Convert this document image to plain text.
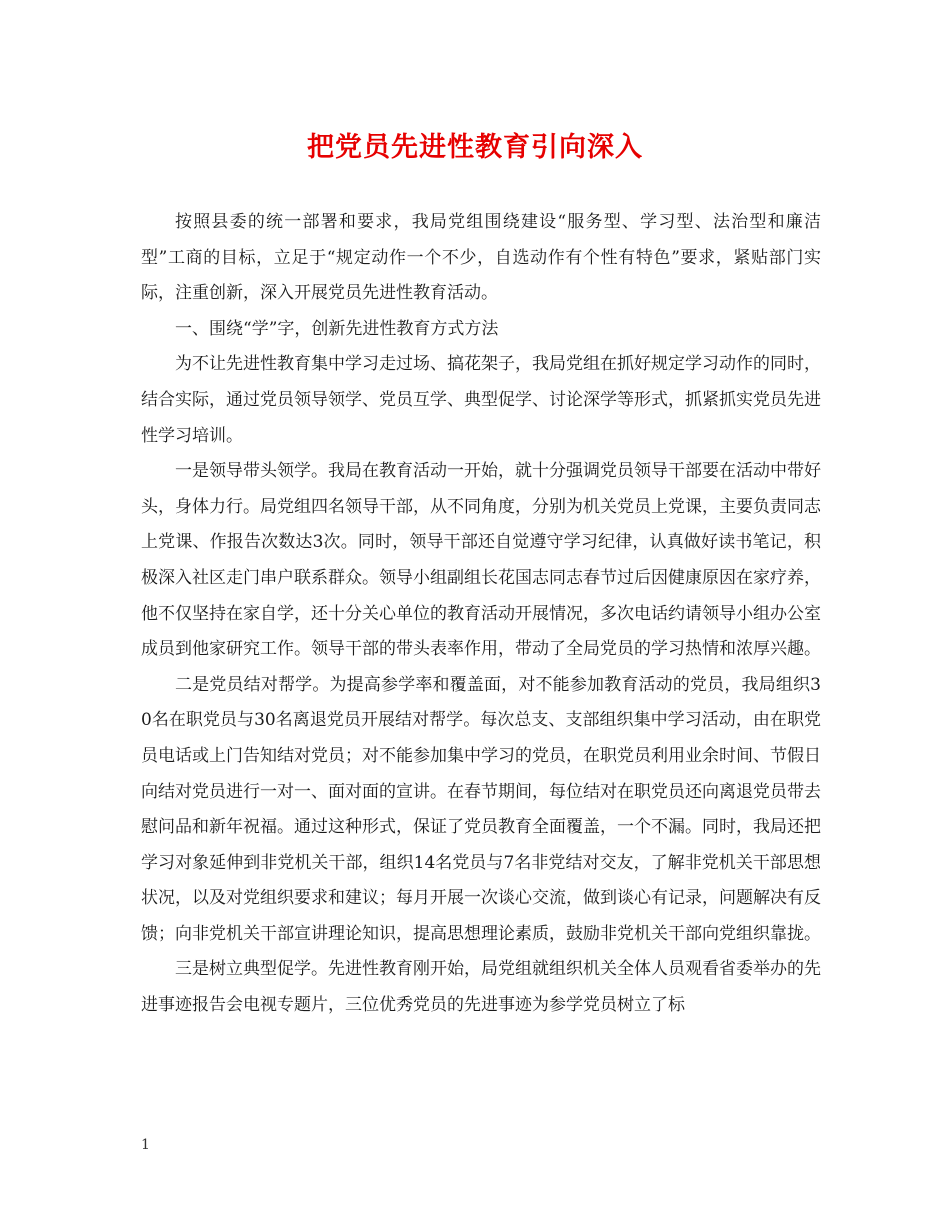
把党员先进性教育引向深入

按照县委的统一部署和要求，我局党组围绕建设“服务型、学习型、法治型和廉洁型”工商的目标，立足于“规定动作一个不少，自选动作有个性有特色”要求，紧贴部门实际，注重创新，深入开展党员先进性教育活动。

一、围绕“学”字，创新先进性教育方式方法

为不让先进性教育集中学习走过场、搞花架子，我局党组在抓好规定学习动作的同时，结合实际，通过党员领导领学、党员互学、典型促学、讨论深学等形式，抓紧抓实党员先进性学习培训。

一是领导带头领学。我局在教育活动一开始，就十分强调党员领导干部要在活动中带好头，身体力行。局党组四名领导干部，从不同角度，分别为机关党员上党课，主要负责同志上党课、作报告次数达3次。同时，领导干部还自觉遵守学习纪律，认真做好读书笔记，积极深入社区走门串户联系群众。领导小组副组长花国志同志春节过后因健康原因在家疗养，他不仅坚持在家自学，还十分关心单位的教育活动开展情况，多次电话约请领导小组办公室成员到他家研究工作。领导干部的带头表率作用，带动了全局党员的学习热情和浓厚兴趣。

二是党员结对帮学。为提高参学率和覆盖面，对不能参加教育活动的党员，我局组织30名在职党员与30名离退党员开展结对帮学。每次总支、支部组织集中学习活动，由在职党员电话或上门告知结对党员；对不能参加集中学习的党员，在职党员利用业余时间、节假日向结对党员进行一对一、面对面的宣讲。在春节期间，每位结对在职党员还向离退党员带去慰问品和新年祝福。通过这种形式，保证了党员教育全面覆盖，一个不漏。同时，我局还把学习对象延伸到非党机关干部，组织14名党员与7名非党结对交友，了解非党机关干部思想状况，以及对党组织要求和建议；每月开展一次谈心交流，做到谈心有记录，问题解决有反馈；向非党机关干部宣讲理论知识，提高思想理论素质，鼓励非党机关干部向党组织靠拢。

三是树立典型促学。先进性教育刚开始，局党组就组织机关全体人员观看省委举办的先进事迹报告会电视专题片，三位优秀党员的先进事迹为参学党员树立了标

1
